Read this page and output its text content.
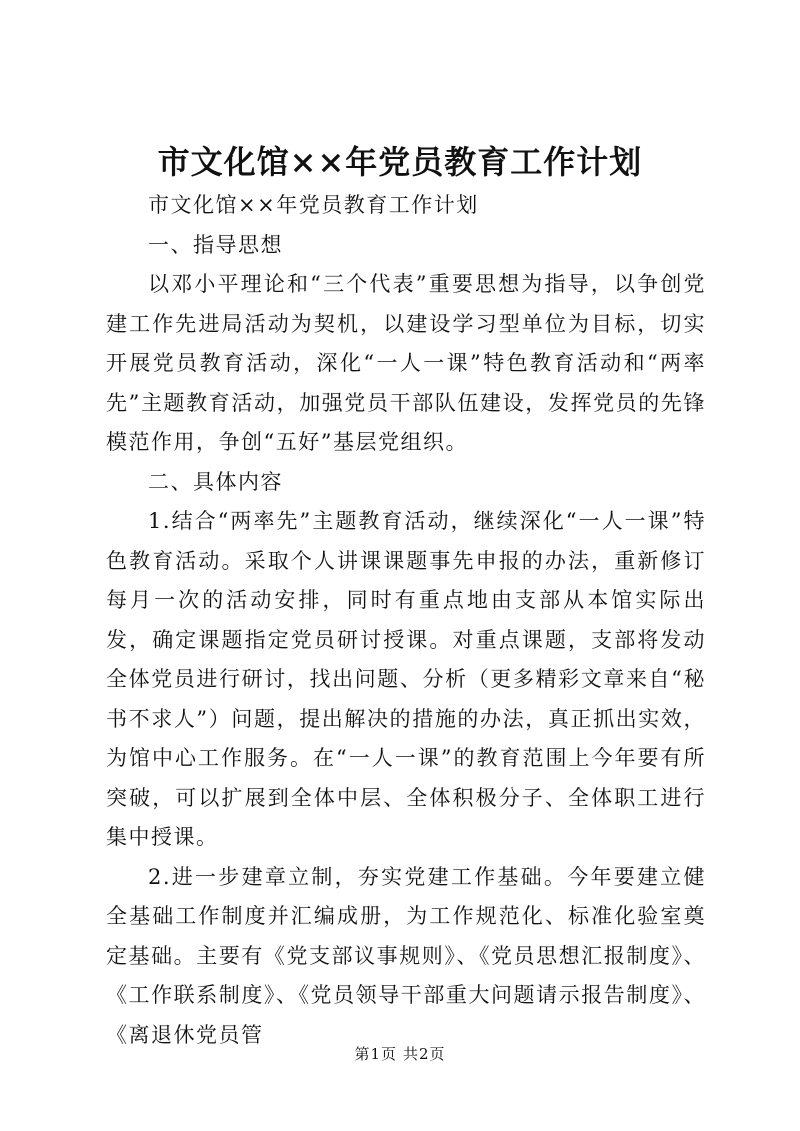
市文化馆××年党员教育工作计划

市文化馆××年党员教育工作计划

一、指导思想

以邓小平理论和“三个代表”重要思想为指导，以争创党建工作先进局活动为契机，以建设学习型单位为目标，切实开展党员教育活动，深化“一人一课”特色教育活动和“两率先”主题教育活动，加强党员干部队伍建设，发挥党员的先锋模范作用，争创“五好”基层党组织。

二、具体内容

1.结合“两率先”主题教育活动，继续深化“一人一课”特色教育活动。采取个人讲课课题事先申报的办法，重新修订每月一次的活动安排，同时有重点地由支部从本馆实际出发，确定课题指定党员研讨授课。对重点课题，支部将发动全体党员进行研讨，找出问题、分析（更多精彩文章来自“秘书不求人”）问题，提出解决的措施的办法，真正抓出实效，为馆中心工作服务。在“一人一课”的教育范围上今年要有所突破，可以扩展到全体中层、全体积极分子、全体职工进行集中授课。

2.进一步建章立制，夯实党建工作基础。今年要建立健全基础工作制度并汇编成册，为工作规范化、标准化验室奠定基础。主要有《党支部议事规则》、《党员思想汇报制度》、《工作联系制度》、《党员领导干部重大问题请示报告制度》、《离退休党员管

第1页 共2页
